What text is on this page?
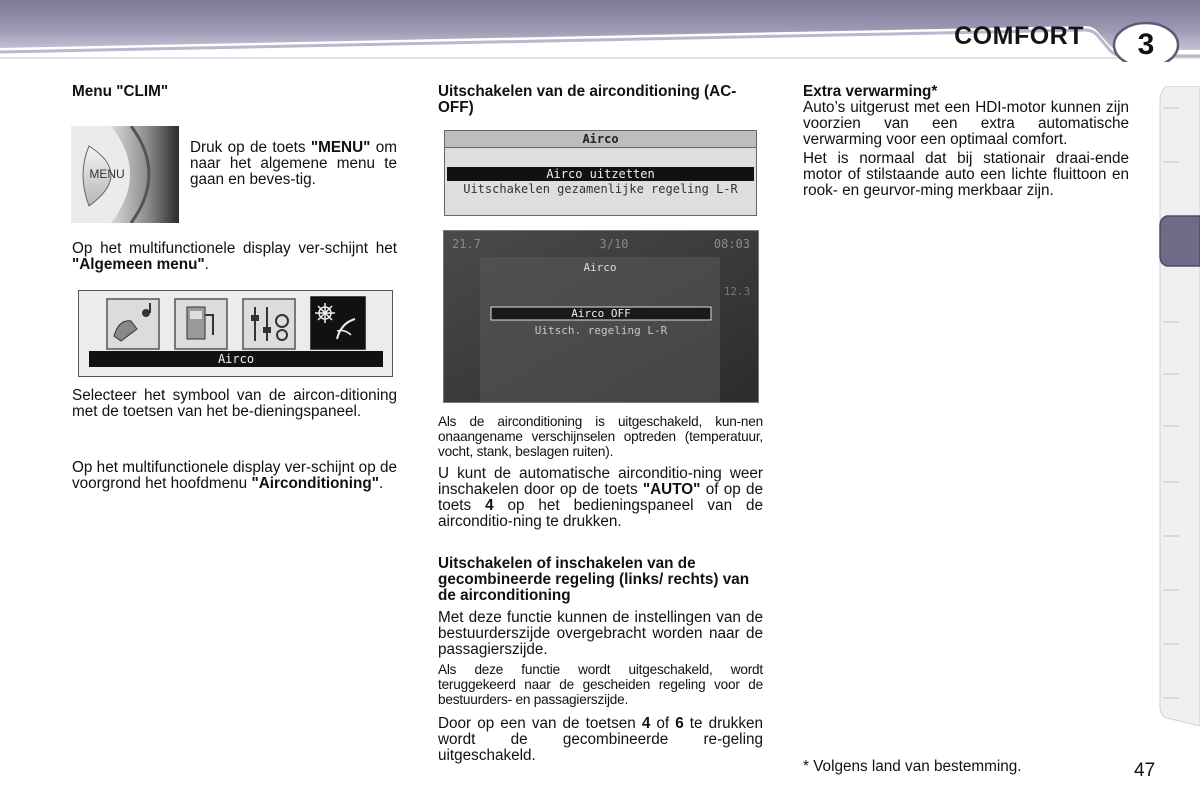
COMFORT	3

Menu "CLIM"

MENU
Druk op de toets "MENU" om naar het algemene menu te gaan en beves-tig.
Op het multifunctionele display ver-schijnt het "Algemeen menu".
Airco
Selecteer het symbool van de aircon-ditioning met de toetsen van het be-dieningspaneel.
Op het multifunctionele display ver-schijnt op de voorgrond het hoofdmenu "Airconditioning".

Uitschakelen van de airconditioning (AC-OFF)

Airco
Airco uitzetten
Uitschakelen gezamenlijke regeling L-R
21.7	3/10	08:03
Airco
Airco OFF
Uitsch. regeling L-R
12.3
Als de airconditioning is uitgeschakeld, kun-nen onaangename verschijnselen optreden (temperatuur, vocht, stank, beslagen ruiten).
U kunt de automatische airconditio-ning weer inschakelen door op de toets "AUTO" of op de toets 4 op het bedieningspaneel van de airconditio-ning te drukken.

Uitschakelen of inschakelen van de gecombineerde regeling (links/ rechts) van de airconditioning

Met deze functie kunnen de instellingen van de bestuurderszijde overgebracht worden naar de passagierszijde.
Als deze functie wordt uitgeschakeld, wordt teruggekeerd naar de gescheiden regeling voor de bestuurders- en passagierszijde.
Door op een van de toetsen 4 of 6 te drukken wordt de gecombineerde re-geling uitgeschakeld.

Extra verwarming*

Auto’s uitgerust met een HDI-motor kunnen zijn voorzien van een extra automatische verwarming voor een optimaal comfort.

Het is normaal dat bij stationair draai-ende motor of stilstaande auto een lichte fluittoon en rook- en geurvor-ming merkbaar zijn.

* Volgens land van bestemming.	47
